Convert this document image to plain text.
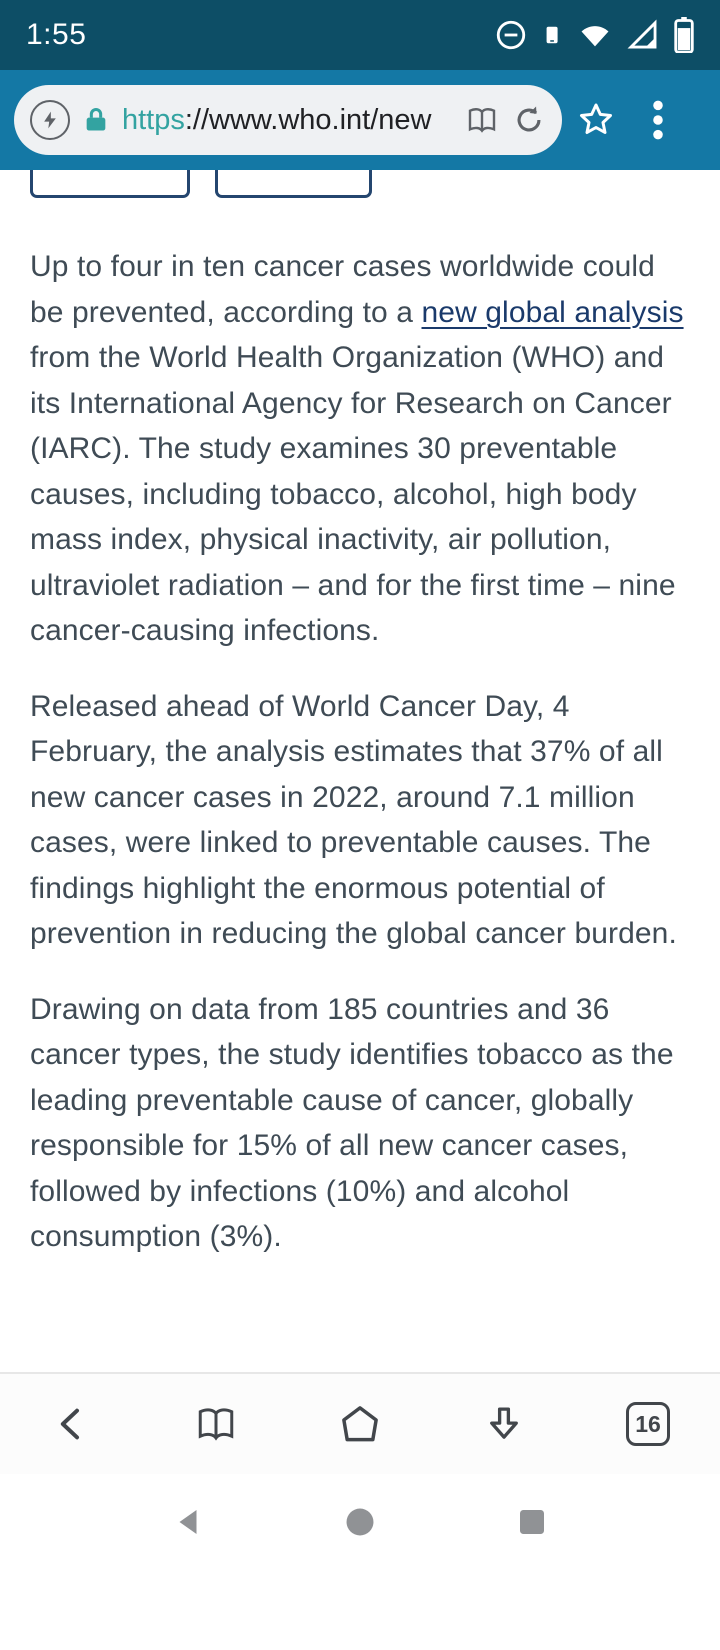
1:55
https ://www.who.int/new

Up to four in ten cancer cases worldwide could be prevented, according to a new global analysis from the World Health Organization (WHO) and its International Agency for Research on Cancer (IARC). The study examines 30 preventable causes, including tobacco, alcohol, high body mass index, physical inactivity, air pollution, ultraviolet radiation – and for the first time – nine cancer-causing infections.

Released ahead of World Cancer Day, 4 February, the analysis estimates that 37% of all new cancer cases in 2022, around 7.1 million cases, were linked to preventable causes. The findings highlight the enormous potential of prevention in reducing the global cancer burden.

Drawing on data from 185 countries and 36 cancer types, the study identifies tobacco as the leading preventable cause of cancer, globally responsible for 15% of all new cancer cases, followed by infections (10%) and alcohol consumption (3%).

16
